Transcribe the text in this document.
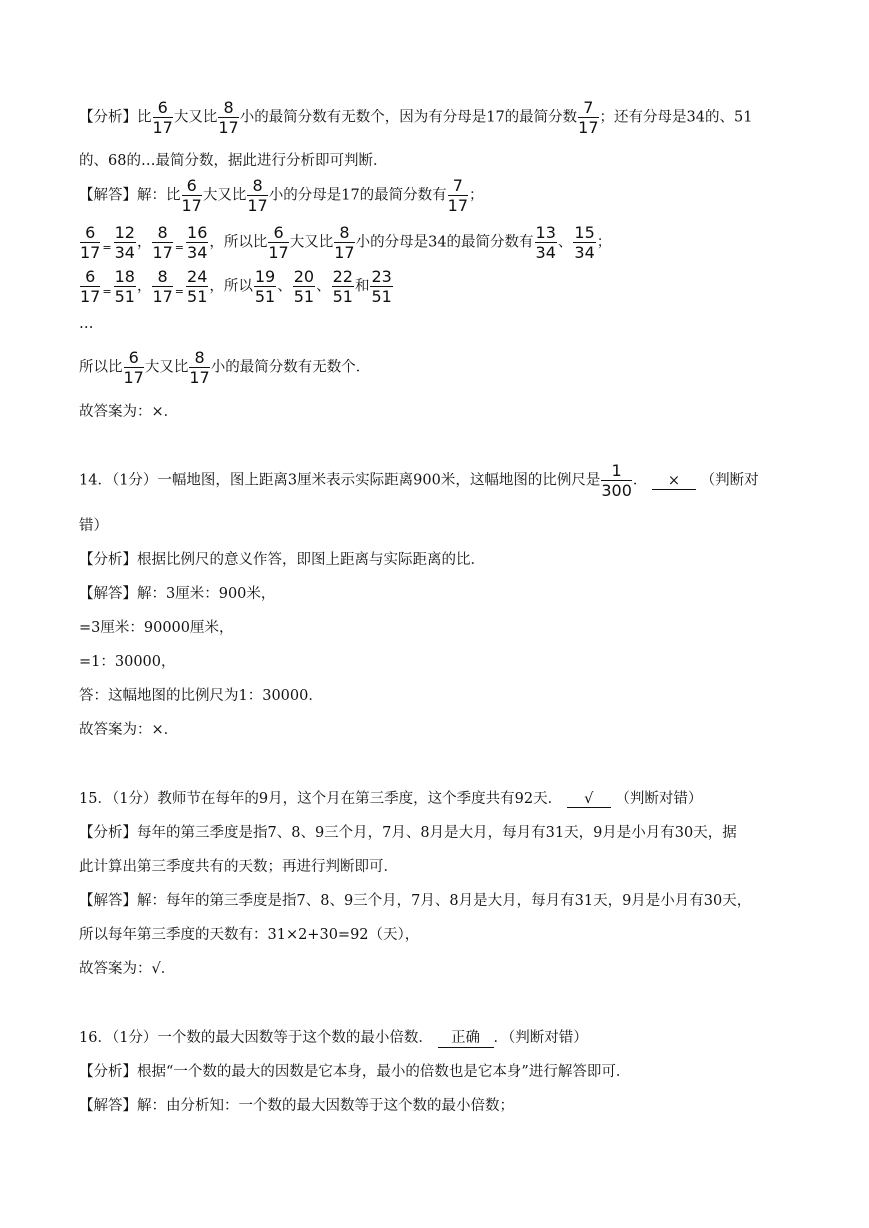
【分析】比 $\frac{6}{17}$ 大又比 $\frac{8}{17}$ 小的最简分数有无数个，因为有分母是17的最简分数 $\frac{7}{17}$ ；还有分母是34的、51
的、68的…最简分数，据此进行分析即可判断．
【解答】解：比 $\frac{6}{17}$ 大又比 $\frac{8}{17}$ 小的分母是17的最简分数有 $\frac{7}{17}$ ；
$\frac{6}{17} = \frac{12}{34}$ ， $\frac{8}{17} = \frac{16}{34}$ ，所以比 $\frac{6}{17}$ 大又比 $\frac{8}{17}$ 小的分母是34的最简分数有 $\frac{13}{34}$ 、 $\frac{15}{34}$ ；
$\frac{6}{17} = \frac{18}{51}$ ， $\frac{8}{17} = \frac{24}{51}$ ，所以 $\frac{19}{51}$ 、 $\frac{20}{51}$ 、 $\frac{22}{51}$ 和 $\frac{23}{51}$
…
所以比 $\frac{6}{17}$ 大又比 $\frac{8}{17}$ 小的最简分数有无数个．
故答案为：×．
14．（1分）一幅地图，图上距离3厘米表示实际距离900米，这幅地图的比例尺是 $\frac{1}{300}$ ． × （判断对
错）
【分析】根据比例尺的意义作答，即图上距离与实际距离的比．
【解答】解：3厘米：900米，
=3厘米：90000厘米，
=1：30000，
答：这幅地图的比例尺为1：30000．
故答案为：×．
15．（1分）教师节在每年的9月，这个月在第三季度，这个季度共有92天． √ （判断对错）
【分析】每年的第三季度是指7、8、9三个月，7月、8月是大月，每月有31天，9月是小月有30天，据
此计算出第三季度共有的天数；再进行判断即可．
【解答】解：每年的第三季度是指7、8、9三个月，7月、8月是大月，每月有31天，9月是小月有30天，
所以每年第三季度的天数有：31×2+30=92（天），
故答案为：√．
16．（1分）一个数的最大因数等于这个数的最小倍数． 正确 ．（判断对错）
【分析】根据“一个数的最大的因数是它本身，最小的倍数也是它本身”进行解答即可．
【解答】解：由分析知：一个数的最大因数等于这个数的最小倍数；
